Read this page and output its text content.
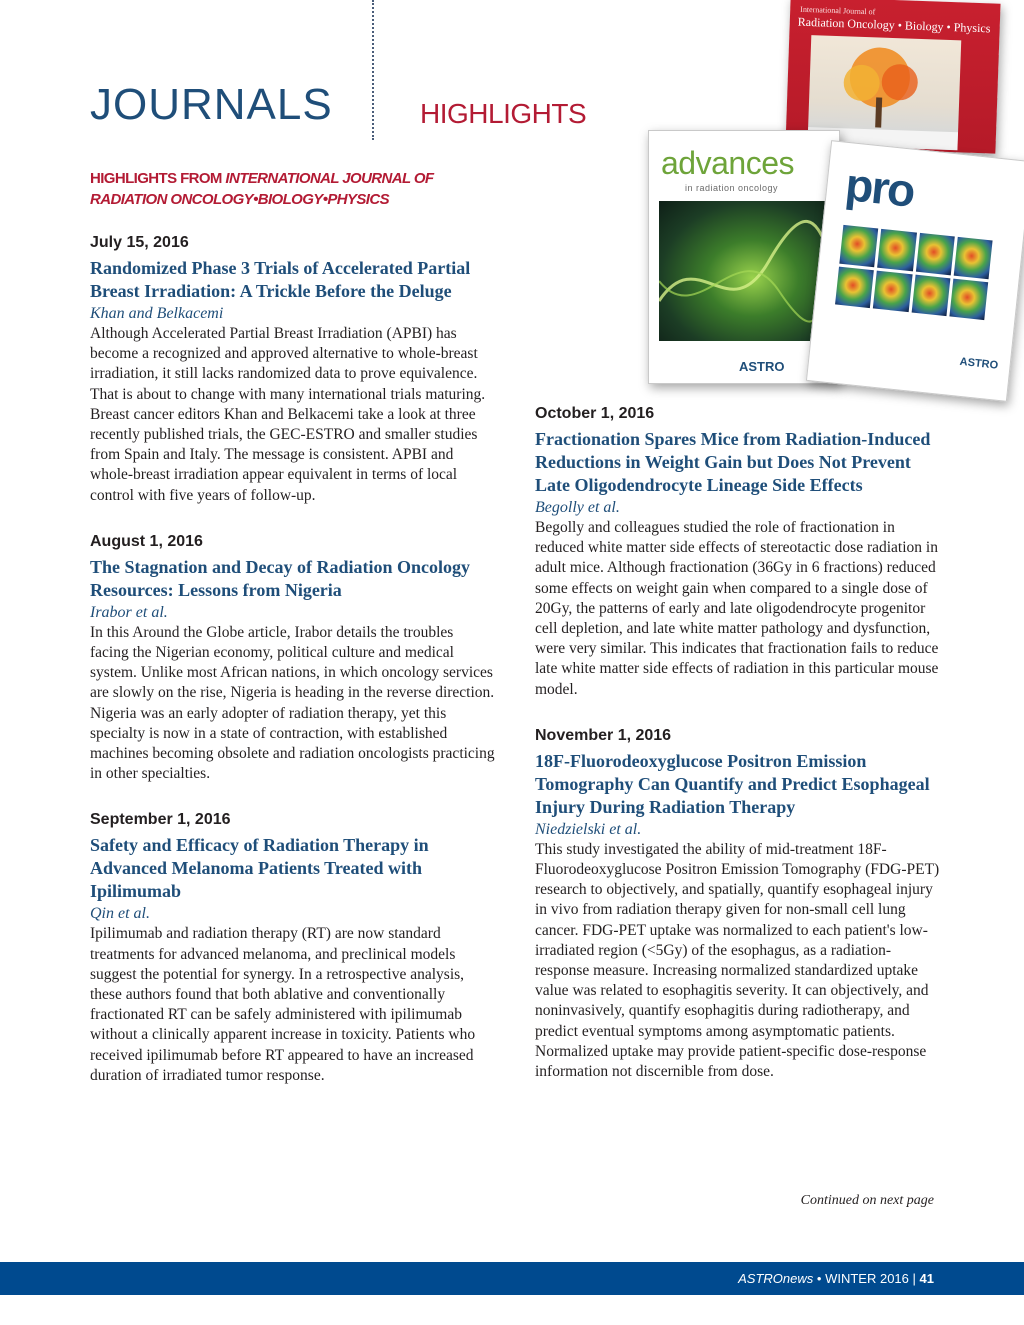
JOURNALS	HIGHLIGHTS
International Journal of
Radiation Oncology • Biology • Physics
advances
in radiation oncology
ASTRO
pro
ASTRO
HIGHLIGHTS FROM INTERNATIONAL JOURNAL OF RADIATION ONCOLOGY•BIOLOGY•PHYSICS

July 15, 2016

Randomized Phase 3 Trials of Accelerated Partial Breast Irradiation: A Trickle Before the Deluge

Khan and Belkacemi

Although Accelerated Partial Breast Irradiation (APBI) has become a recognized and approved alternative to whole-breast irradiation, it still lacks randomized data to prove equivalence. That is about to change with many international trials maturing. Breast cancer editors Khan and Belkacemi take a look at three recently published trials, the GEC-ESTRO and smaller studies from Spain and Italy. The message is consistent. APBI and whole-breast irradiation appear equivalent in terms of local control with five years of follow-up.

August 1, 2016

The Stagnation and Decay of Radiation Oncology Resources: Lessons from Nigeria

Irabor et al.

In this Around the Globe article, Irabor details the troubles facing the Nigerian economy, political culture and medical system. Unlike most African nations, in which oncology services are slowly on the rise, Nigeria is heading in the reverse direction. Nigeria was an early adopter of radiation therapy, yet this specialty is now in a state of contraction, with established machines becoming obsolete and radiation oncologists practicing in other specialties.

September 1, 2016

Safety and Efficacy of Radiation Therapy in Advanced Melanoma Patients Treated with Ipilimumab

Qin et al.

Ipilimumab and radiation therapy (RT) are now standard treatments for advanced melanoma, and preclinical models suggest the potential for synergy. In a retrospective analysis, these authors found that both ablative and conventionally fractionated RT can be safely administered with ipilimumab without a clinically apparent increase in toxicity. Patients who received ipilimumab before RT appeared to have an increased duration of irradiated tumor response.

October 1, 2016

Fractionation Spares Mice from Radiation-Induced Reductions in Weight Gain but Does Not Prevent Late Oligodendrocyte Lineage Side Effects

Begolly et al.

Begolly and colleagues studied the role of fractionation in reduced white matter side effects of stereotactic dose radiation in adult mice. Although fractionation (36Gy in 6 fractions) reduced some effects on weight gain when compared to a single dose of 20Gy, the patterns of early and late oligodendrocyte progenitor cell depletion, and late white matter pathology and dysfunction, were very similar. This indicates that fractionation fails to reduce late white matter side effects of radiation in this particular mouse model.

November 1, 2016

18F-Fluorodeoxyglucose Positron Emission Tomography Can Quantify and Predict Esophageal Injury During Radiation Therapy

Niedzielski et al.

This study investigated the ability of mid-treatment 18F-Fluorodeoxyglucose Positron Emission Tomography (FDG-PET) research to objectively, and spatially, quantify esophageal injury in vivo from radiation therapy given for non-small cell lung cancer. FDG-PET uptake was normalized to each patient's low-irradiated region (<5Gy) of the esophagus, as a radiation-response measure. Increasing normalized standardized uptake value was related to esophagitis severity. It can objectively, and noninvasively, quantify esophagitis during radiotherapy, and predict eventual symptoms among asymptomatic patients. Normalized uptake may provide patient-specific dose-response information not discernible from dose.

Continued on next page
ASTROnews • WINTER 2016 | 41
